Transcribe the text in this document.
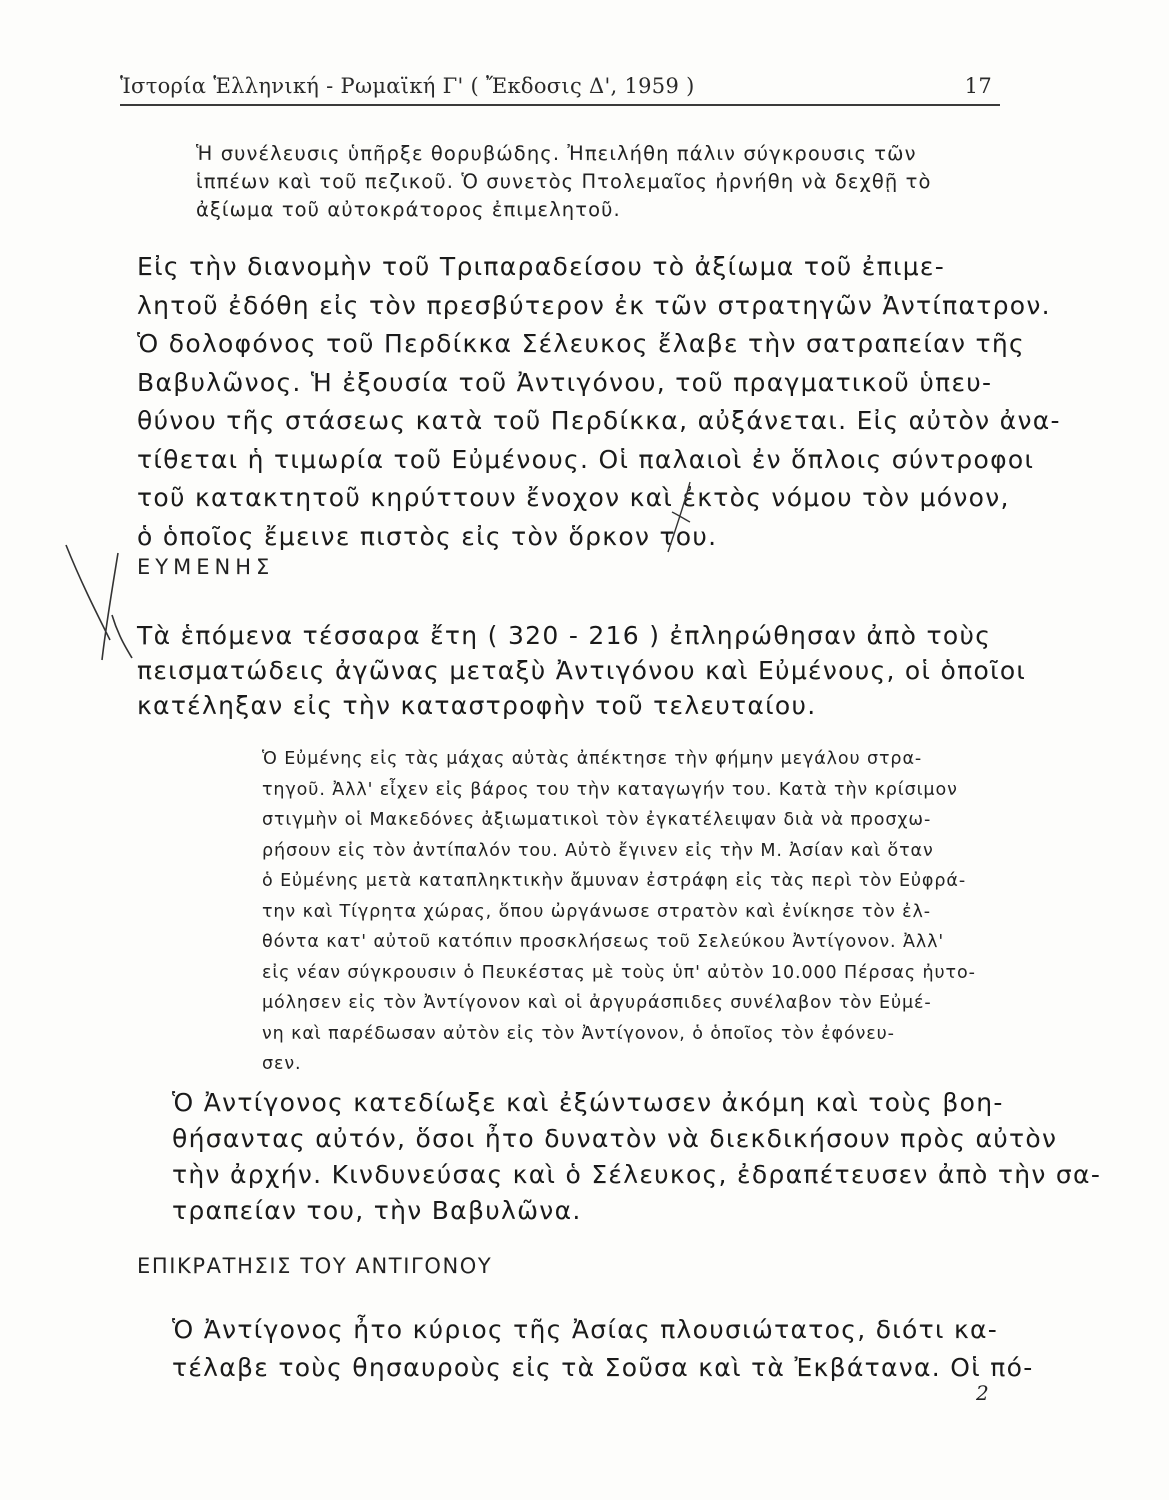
Ἱστορία Ἑλληνική - Ρωμαϊκή Γ' ( Ἔκδοσις Δ', 1959 )	17
Ἡ συνέλευσις ὑπῆρξε θορυβώδης. Ἠπειλήθη πάλιν σύγκρουσις τῶν
ἱππέων καὶ τοῦ πεζικοῦ. Ὁ συνετὸς Πτολεμαῖος ἠρνήθη νὰ δεχθῇ τὸ
ἀξίωμα τοῦ αὐτοκράτορος ἐπιμελητοῦ.
Εἰς τὴν διανομὴν τοῦ Τριπαραδείσου τὸ ἀξίωμα τοῦ ἐπιμε-
λητοῦ ἐδόθη εἰς τὸν πρεσβύτερον ἐκ τῶν στρατηγῶν Ἀντίπατρον.
Ὁ δολοφόνος τοῦ Περδίκκα Σέλευκος ἔλαβε τὴν σατραπείαν τῆς
Βαβυλῶνος. Ἡ ἐξουσία τοῦ Ἀντιγόνου, τοῦ πραγματικοῦ ὑπευ-
θύνου τῆς στάσεως κατὰ τοῦ Περδίκκα, αὐξάνεται. Εἰς αὐτὸν ἀνα-
τίθεται ἡ τιμωρία τοῦ Εὐμένους. Οἱ παλαιοὶ ἐν ὅπλοις σύντροφοι
τοῦ κατακτητοῦ κηρύττουν ἔνοχον καὶ ἐκτὸς νόμου τὸν μόνον,
ὁ ὁποῖος ἔμεινε πιστὸς εἰς τὸν ὅρκον του.
ΕΥΜΕΝΗΣ
Τὰ ἑπόμενα τέσσαρα ἔτη ( 320 - 216 ) ἐπληρώθησαν ἀπὸ τοὺς
πεισματώδεις ἀγῶνας μεταξὺ Ἀντιγόνου καὶ Εὐμένους, οἱ ὁποῖοι
κατέληξαν εἰς τὴν καταστροφὴν τοῦ τελευταίου.
Ὁ Εὐμένης εἰς τὰς μάχας αὐτὰς ἀπέκτησε τὴν φήμην μεγάλου στρα-
τηγοῦ. Ἀλλ' εἶχεν εἰς βάρος του τὴν καταγωγήν του. Κατὰ τὴν κρίσιμον
στιγμὴν οἱ Μακεδόνες ἀξιωματικοὶ τὸν ἐγκατέλειψαν διὰ νὰ προσχω-
ρήσουν εἰς τὸν ἀντίπαλόν του. Αὐτὸ ἔγινεν εἰς τὴν Μ. Ἀσίαν καὶ ὅταν
ὁ Εὐμένης μετὰ καταπληκτικὴν ἄμυναν ἐστράφη εἰς τὰς περὶ τὸν Εὐφρά-
την καὶ Τίγρητα χώρας, ὅπου ὠργάνωσε στρατὸν καὶ ἐνίκησε τὸν ἐλ-
θόντα κατ' αὐτοῦ κατόπιν προσκλήσεως τοῦ Σελεύκου Ἀντίγονον. Ἀλλ'
εἰς νέαν σύγκρουσιν ὁ Πευκέστας μὲ τοὺς ὑπ' αὐτὸν 10.000 Πέρσας ἠυτο-
μόλησεν εἰς τὸν Ἀντίγονον καὶ οἱ ἀργυράσπιδες συνέλαβον τὸν Εὐμέ-
νη καὶ παρέδωσαν αὐτὸν εἰς τὸν Ἀντίγονον, ὁ ὁποῖος τὸν ἐφόνευ-
σεν.
Ὁ Ἀντίγονος κατεδίωξε καὶ ἐξώντωσεν ἀκόμη καὶ τοὺς βοη-
θήσαντας αὐτόν, ὅσοι ἦτο δυνατὸν νὰ διεκδικήσουν πρὸς αὐτὸν
τὴν ἀρχήν. Κινδυνεύσας καὶ ὁ Σέλευκος, ἐδραπέτευσεν ἀπὸ τὴν σα-
τραπείαν του, τὴν Βαβυλῶνα.
ΕΠΙΚΡΑΤΗΣΙΣ ΤΟΥ ΑΝΤΙΓΟΝΟΥ
Ὁ Ἀντίγονος ἦτο κύριος τῆς Ἀσίας πλουσιώτατος, διότι κα-
τέλαβε τοὺς θησαυροὺς εἰς τὰ Σοῦσα καὶ τὰ Ἐκβάτανα. Οἱ πό-
2
